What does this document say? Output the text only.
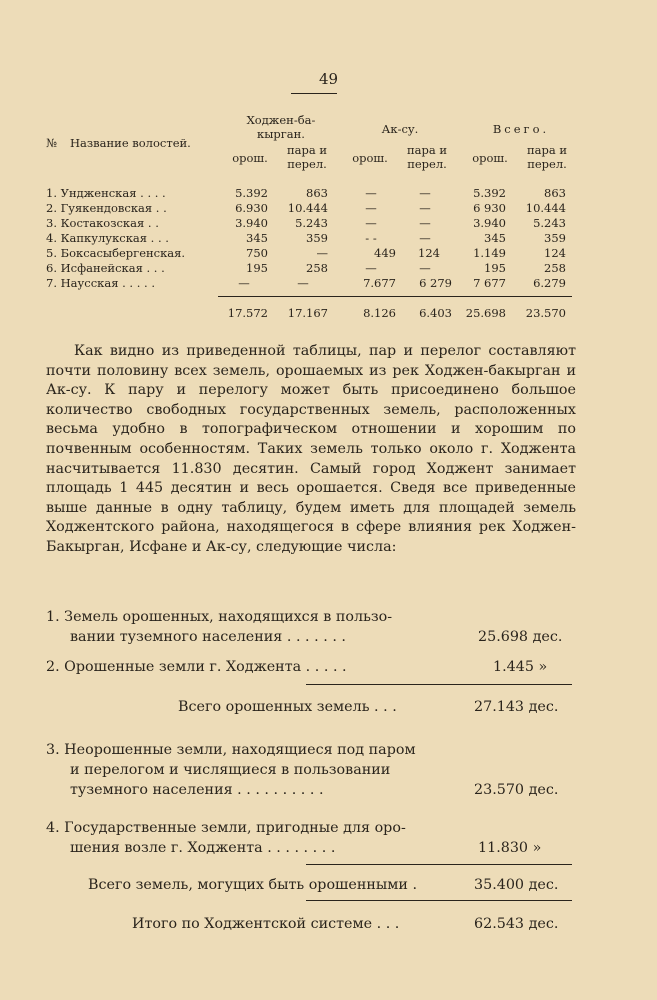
49
№	Название волостей.
Ходжен-ба-кырган.	Ак-су.	Всего.
орош.
пара и перел.	орош.
пара и перел.	орош.
пара и перел.
1. Унджeнская . . . .	5.392	863	—	—	5.392	863
2. Гуякендовская . .	6.930	10.444	—	—	6 930	10.444
3. Костакозская . .	3.940	5.243	—	—	3.940	5.243
4. Капкулукская . . .	345	359	- -	—	345	359
5. Боксасыбергенская.	750	—	449	124	1.149	124
6. Исфанейская . . .	195	258	—	—	195	258
7. Наусская . . . . .	—	—	7.677	6 279	7 677	6.279
17.572	17.167	8.126	6.403	25.698	23.570
Как видно из приведенной таблицы, пар и перелог составляют почти половину всех земель, орошаемых из рек Ходжен-бакырган и Ак-су. К пару и перелогу может быть присоединено большое количество свободных государственных земель, расположенных весьма удобно в топографическом отношении и хорошим по почвенным особенностям. Таких земель только около г. Ходжента насчитывается 11.830 десятин. Самый город Ходжент занимает площадь 1 445 десятин и весь орошается. Сведя все приведенные выше данные в одну таблицу, будем иметь для площадей земель Ходжентского района, находящегося в сфере влияния рек Ходжен-Бакырган, Исфане и Ак-су, следующие числа:
1. Земель орошенных, находящихся в пользо-
вании туземного населения . . . . . . .	25.698 дес.
2. Орошенные земли г. Ходжента . . . . .	1.445 »
Всего орошенных земель . . .	27.143 дес.
3. Неорошенные земли, находящиеся под паром
и перелогом и числящиеся в пользовании
туземного населения . . . . . . . . . .	23.570 дес.
4. Государственные земли, пригодные для оро-
шения возле г. Ходжента . . . . . . . .	11.830 »
Всего земель, могущих быть орошенными .	35.400 дес.
Итого по Ходжентской системе . . .	62.543 дес.
